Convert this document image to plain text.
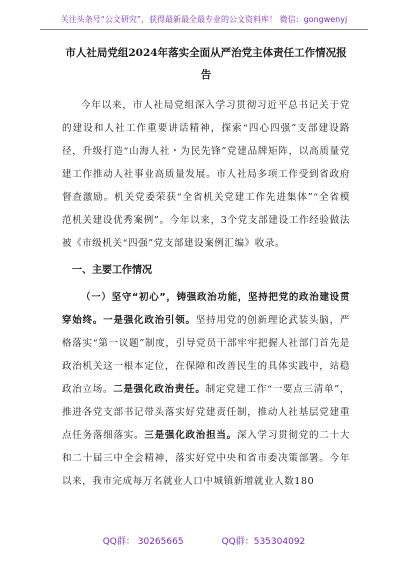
关注头条号“公文研究”，获得最新最全最专业的公文资料库！ 微信：gongwenyj
市人社局党组2024年落实全面从严治党主体责任工作情况报告

今年以来，市人社局党组深入学习贯彻习近平总书记关于党的建设和人社工作重要讲话精神，探索“四心四强”支部建设路径，升级打造“山海人社・为民先锋”党建品牌矩阵，以高质量党建工作推动人社事业高质量发展。市人社局多项工作受到省政府督查激励。机关党委荣获“全省机关党建工作先进集体”“全省模范机关建设优秀案例”。今年以来，3个党支部建设工作经验做法被《市级机关“四强”党支部建设案例汇编》收录。

一、主要工作情况

（一）坚守“初心”，铸强政治功能，坚持把党的政治建设贯穿始终。一是强化政治引领。坚持用党的创新理论武装头脑，严格落实“第一议题”制度，引导党员干部牢牢把握人社部门首先是政治机关这一根本定位，在保障和改善民生的具体实践中，站稳政治立场。二是强化政治责任。制定党建工作“一要点三清单”，推进各党支部书记带头落实好党建责任制，推动人社基层党建重点任务落细落实。三是强化政治担当。深入学习贯彻党的二十大和二十届三中全会精神，落实好党中央和省市委决策部署。今年以来，我市完成每万名就业人口中城镇新增就业人数180

QQ群： 30265665	QQ群：535304092
